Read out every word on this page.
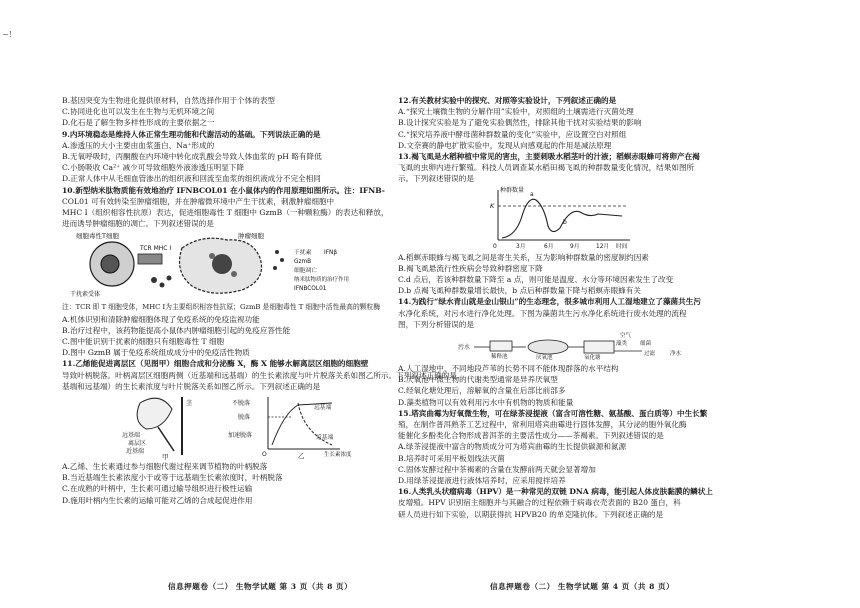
~!
B.基因突变为生物进化提供原材料，自然选择作用于个体的表型
C.协同进化也可以发生在生物与无机环境之间
D.化石是了解生物多样性形成的主要依据之一
9.内环境稳态是维持人体正常生理功能和代谢活动的基础。下列说法正确的是
A.渗透压的大小主要由血浆蛋白、Na⁺形成的
B.无氧呼吸时，丙酮酸在内环境中转化成乳酸会导致人体血浆的 pH 略有降低
C.小肠吸收 Ca²⁺ 减少可导致细胞外液渗透压明显下降
D.正常人体中从毛细血管渗出的组织液和回流至血浆的组织液成分不完全相同
10.新型纳米肽物质能有效地治疗 IFNBCOL01 在小鼠体内的作用原理如图所示。注：IFNB-
COL01 可有效转染至肿瘤细胞，并在肿瘤微环境中产生干扰素，刺激肿瘤细胞中
MHC Ⅰ（组织相容性抗原）表达，促进细胞毒性 T 细胞中 GzmB（一种颗粒酶）的表达和释放，
进而诱导肿瘤细胞的凋亡。下列叙述错误的是
细胞毒性T细胞
TCR MHC Ⅰ
干扰素受体
肿瘤细胞
干扰素 IFNβ
GzmB
细胞凋亡
纳米肽物质的治疗作用
IFNBCOL01
注：TCR 即 T 细胞受体，MHC Ⅰ为主要组织相容性抗原；GzmB 是细胞毒性 T 细胞中活性最高的颗粒酶
A.机体识别和清除肿瘤细胞体现了免疫系统的免疫监视功能
B.治疗过程中，该药物能提高小鼠体内肿瘤细胞引起的免疫应答性能
C.图中能识别干扰素的细胞只有细胞毒性 T 细胞
D.图中 GzmB 属于免疫系统组成成分中的免疫活性物质
11.乙烯能促进离层区（见图甲）细胞合成和分泌酶 X，酶 X 能够水解离层区细胞的细胞壁
导致叶柄脱落。叶柄离层区细胞两侧（近基端和远基端）的生长素浓度与叶片脱落关系如图乙所示。下列叙述正确的是
基端和远基端）的生长素浓度与叶片脱落关系如图乙所示。下列叙述正确的是
茎
远基端
离层区
近基端
甲
不脱落
脱落
加速脱落
远基端
近基端
O	乙	生长素浓度
A.乙烯、生长素通过参与细胞代谢过程来调节植物的叶柄脱落
B.当近基端生长素浓度小于或等于远基端生长素浓度时，叶柄脱落
C.在成熟的叶柄中，生长素可通过输导组织进行极性运输
D.施用叶柄内生长素的运输可能对乙烯的合成起促进作用
12.有关教材实验中的探究、对照等实验设计，下列叙述正确的是
A.“探究土壤微生物的分解作用”实验中，对照组的土壤需进行灭菌处理
B.设计探究实验是为了避免实验偶然性，排除其他干扰对实验结果的影响
C.“探究培养液中酵母菌种群数量的变化”实验中，应设置空白对照组
D.文奈赛的静电扩散实验中，发现从向感观起的作用是减法原理
13.褐飞虱是水稻种植中常见的害虫，主要刺吸水稻茎叶的汁液；稻螟赤眼蜂可将卵产在褐
飞虱的虫卵内进行繁殖。科技人员调查某水稻田褐飞虱的种群数量变化情况，结果如图所
示。下列叙述错误的是
种群数量
K
a
b
0	3月	6月	9月	12月 时间
A.稻螟赤眼蜂与褐飞虱之间是寄生关系，互为影响种群数量的密度制约因素
B.褐飞虱悬流行性疾病会导致种群密度下降
C.d 点后，若该种群数量下降至 a 点，则可能是温度、水分等环境因素发生了改变
D.b 点褐飞虱种群数量增长最快，b 点后种群数量下降与稻螟赤眼蜂有关
14.为践行“绿水青山就是金山银山”的生态理念，很多城市利用人工湿地建立了藻菌共生污
水净化系统，对污水进行净化处理。下图为藻菌共生污水净化系统进行废水处理的流程
图，下列分析错误的是
污水
稀释池	厌氧池	氧化塘
空气
藻类 细菌
过滤	净水
A.人工湿地中，不同地段芦苇的长势不同不能体现群落的水平结构
B.厌氧池中微生物的代谢类型通常是异养厌氧型
C.经氧化塘处理后，溶解氧的含量在后部比前部多
D.藻类植物可以有效利用污水中有机物的物质和能量
15.塔宾曲霉为好氧微生物，可在绿茶浸提液（富含可溶性糖、氨基酸、蛋白质等）中生长繁
殖，在制作普洱熟茶工艺过程中，常利用塔宾曲霉进行固体发酵，其分泌的胞外氧化酶
能催化多酚类化合物形成普洱茶的主要活性成分——茶褐素。下列叙述错误的是
A.绿茶浸提液中富含的物质成分可为塔宾曲霉的生长提供碳源和氮源
B.培养时可采用平板划线法灭菌
C.固体发酵过程中茶褐素的含量在发酵前两天就会显著增加
D.用绿茶浸提液进行液体培养时，应采用搅拌培养
16.人类乳头状瘤病毒（HPV）是一种常见的双链 DNA 病毒，能引起人体皮肤黏膜的鳞状上
皮增殖。HPV 识别宿主细胞并与其融合的过程依赖于病毒衣壳表面的 B20 蛋白，科
研人员进行如下实验，以期获得抗 HPVB20 的单克隆抗体。下列叙述正确的是
信息押题卷（二） 生物学试题 第 3 页（共 8 页）	信息押题卷（二） 生物学试题 第 4 页（共 8 页）
